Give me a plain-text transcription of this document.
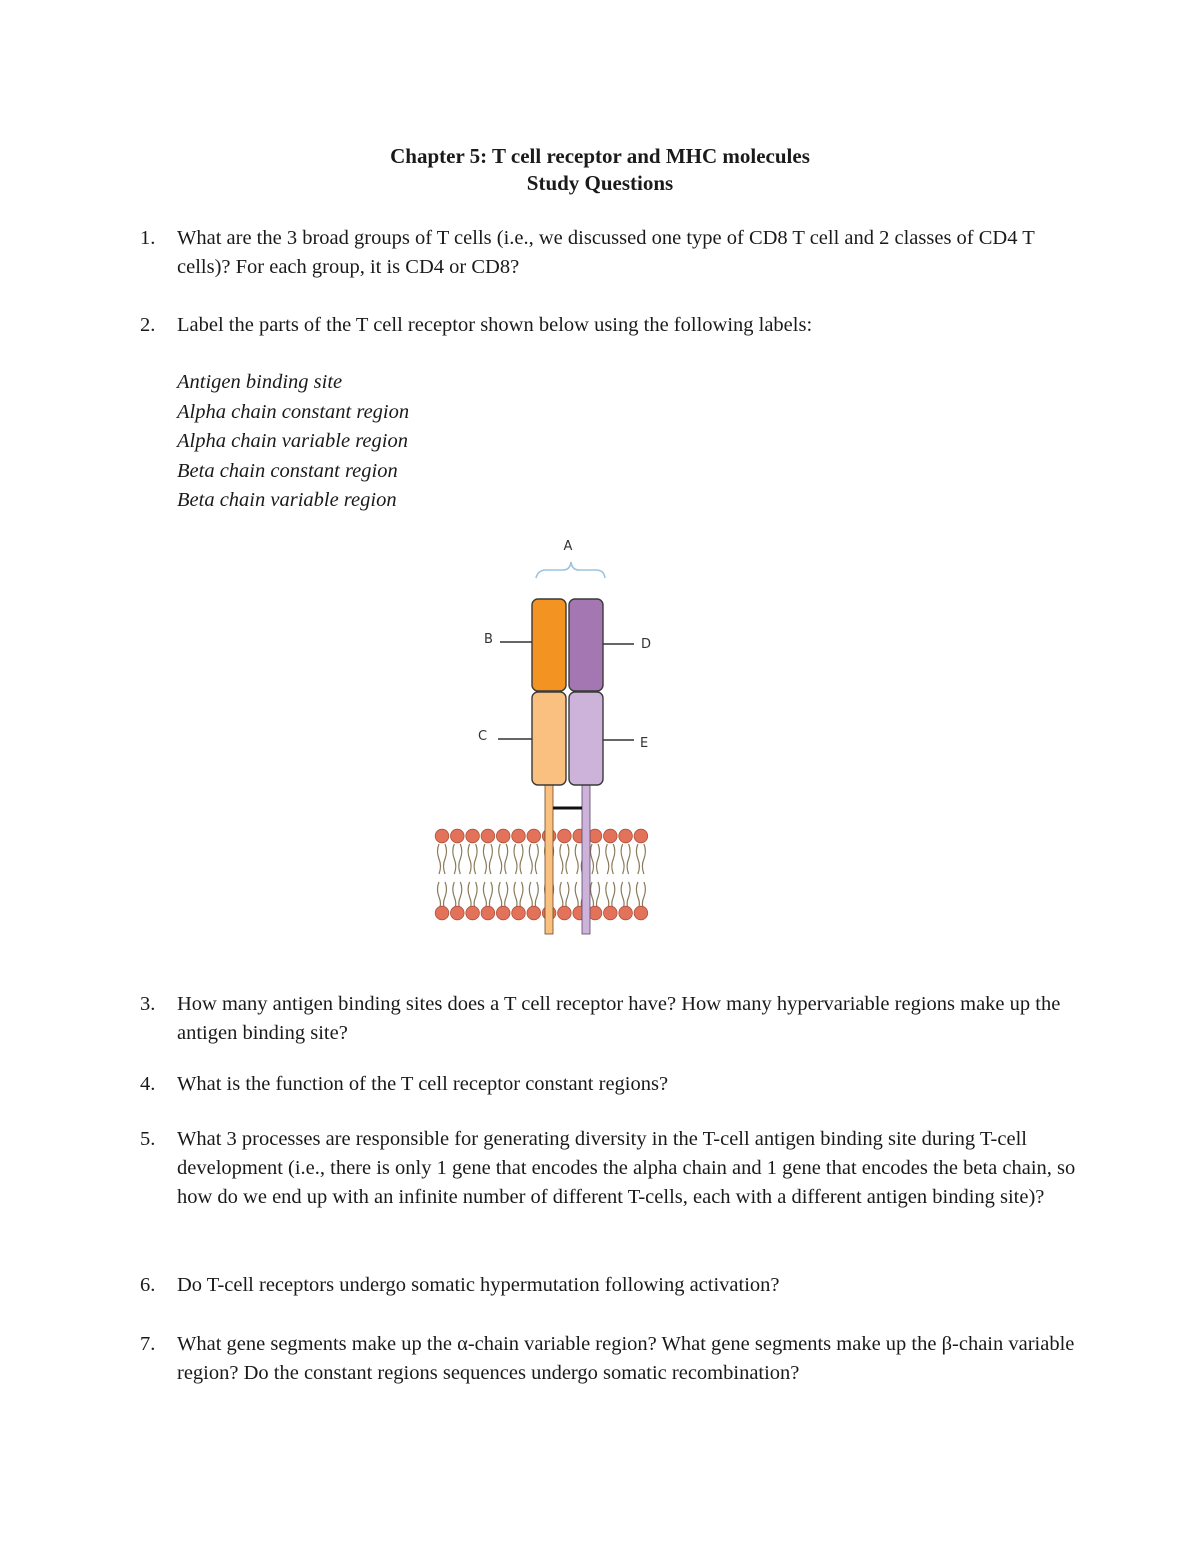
Chapter 5: T cell receptor and MHC molecules
Study Questions
1.	What are the 3 broad groups of T cells (i.e., we discussed one type of CD8 T cell and 2 classes of CD4 T cells)? For each group, it is CD4 or CD8?
2.	Label the parts of the T cell receptor shown below using the following labels:
Antigen binding site
Alpha chain constant region
Alpha chain variable region
Beta chain constant region
Beta chain variable region
A
B
C
D
E
3.	How many antigen binding sites does a T cell receptor have? How many hypervariable regions make up the antigen binding site?
4.	What is the function of the T cell receptor constant regions?
5.	What 3 processes are responsible for generating diversity in the T-cell antigen binding site during T-cell development (i.e., there is only 1 gene that encodes the alpha chain and 1 gene that encodes the beta chain, so how do we end up with an infinite number of different T-cells, each with a different antigen binding site)?
6.	Do T-cell receptors undergo somatic hypermutation following activation?
7.	What gene segments make up the α-chain variable region? What gene segments make up the β-chain variable region? Do the constant regions sequences undergo somatic recombination?
